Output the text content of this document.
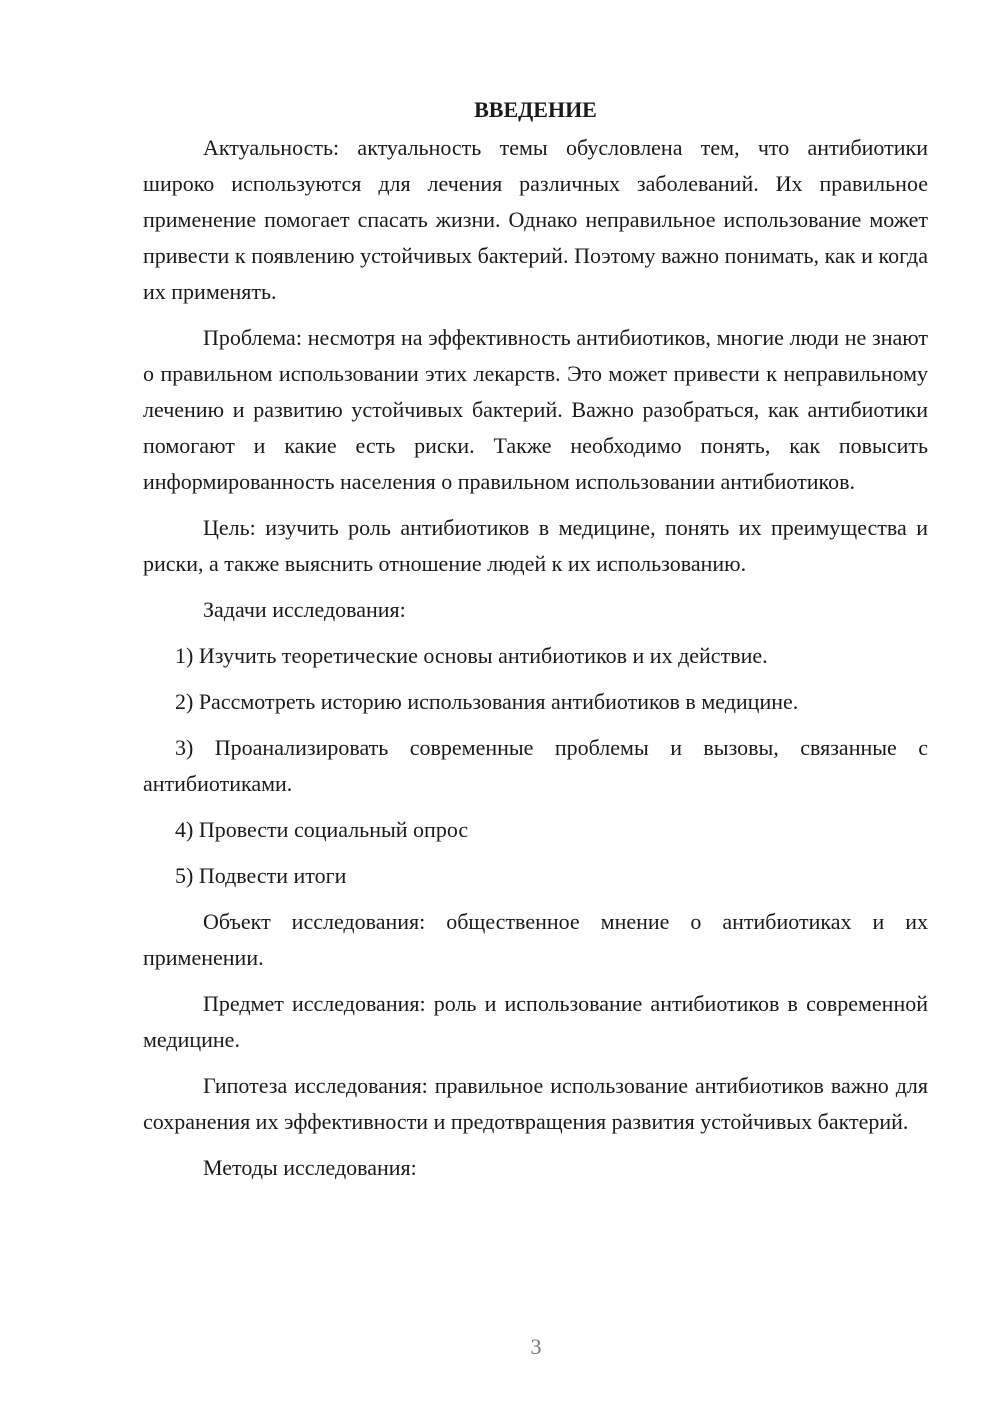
ВВЕДЕНИЕ

Актуальность: актуальность темы обусловлена тем, что антибиотики широко используются для лечения различных заболеваний. Их правильное применение помогает спасать жизни. Однако неправильное использование может привести к появлению устойчивых бактерий. Поэтому важно понимать, как и когда их применять.

Проблема: несмотря на эффективность антибиотиков, многие люди не знают о правильном использовании этих лекарств. Это может привести к неправильному лечению и развитию устойчивых бактерий. Важно разобраться, как антибиотики помогают и какие есть риски. Также необходимо понять, как повысить информированность населения о правильном использовании антибиотиков.

Цель: изучить роль антибиотиков в медицине, понять их преимущества и риски, а также выяснить отношение людей к их использованию.

Задачи исследования:

1) Изучить теоретические основы антибиотиков и их действие.

2) Рассмотреть историю использования антибиотиков в медицине.

3) Проанализировать современные проблемы и вызовы, связанные с антибиотиками.

4) Провести социальный опрос

5) Подвести итоги

Объект исследования: общественное мнение о антибиотиках и их применении.

Предмет исследования: роль и использование антибиотиков в современной медицине.

Гипотеза исследования: правильное использование антибиотиков важно для сохранения их эффективности и предотвращения развития устойчивых бактерий.

Методы исследования:

3
